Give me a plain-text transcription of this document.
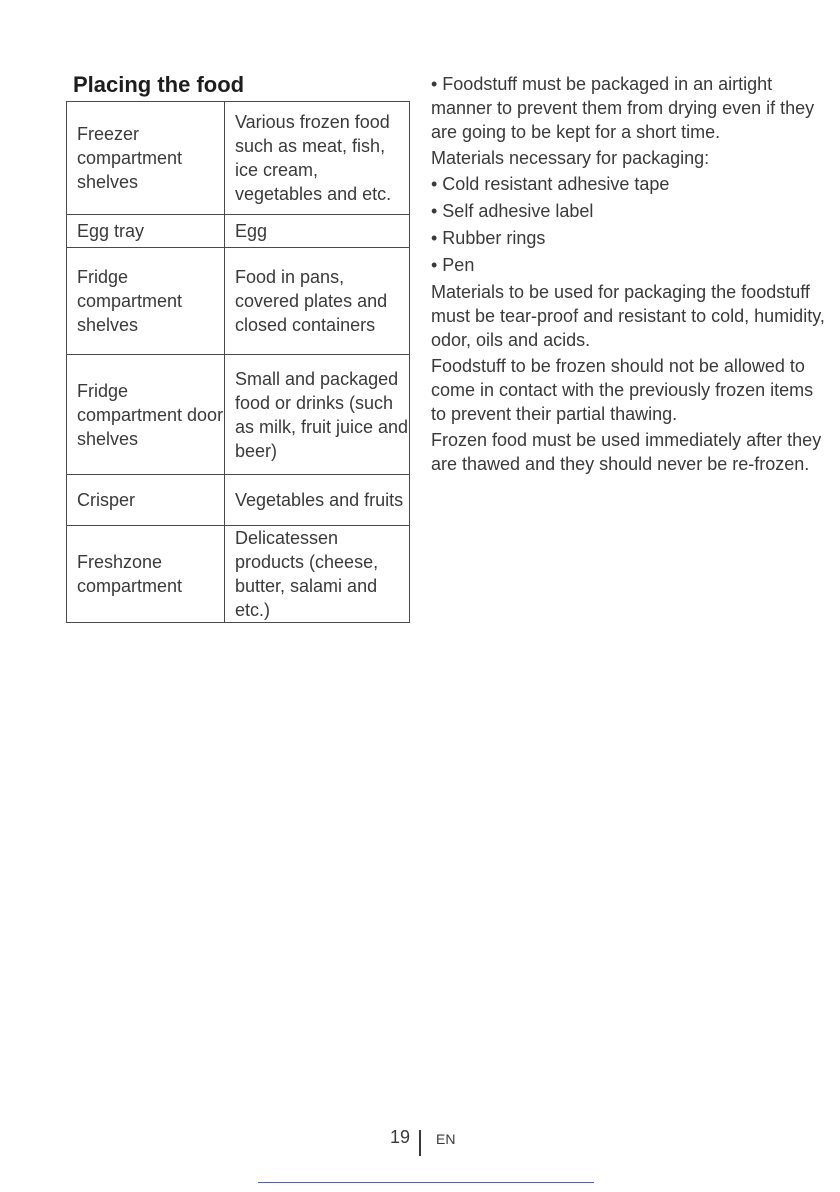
Placing the food
Freezer compartment shelves	Various frozen food such as meat, fish, ice cream, vegetables and etc.
Egg tray	Egg
Fridge compartment shelves	Food in pans, covered plates and closed containers
Fridge compartment door shelves	Small and packaged food or drinks (such as milk, fruit juice and beer)
Crisper	Vegetables and fruits
Freshzone compartment	Delicatessen products (cheese, butter, salami and etc.)

• Foodstuff must be packaged in an airtight manner to prevent them from drying even if they are going to be kept for a short time.

Materials necessary for packaging:

• Cold resistant adhesive tape
• Self adhesive label
• Rubber rings
• Pen

Materials to be used for packaging the foodstuff must be tear-proof and resistant to cold, humidity, odor, oils and acids.

Foodstuff to be frozen should not be allowed to come in contact with the previously frozen items to prevent their partial thawing.

Frozen food must be used immediately after they are thawed and they should never be re-frozen.

19 EN
